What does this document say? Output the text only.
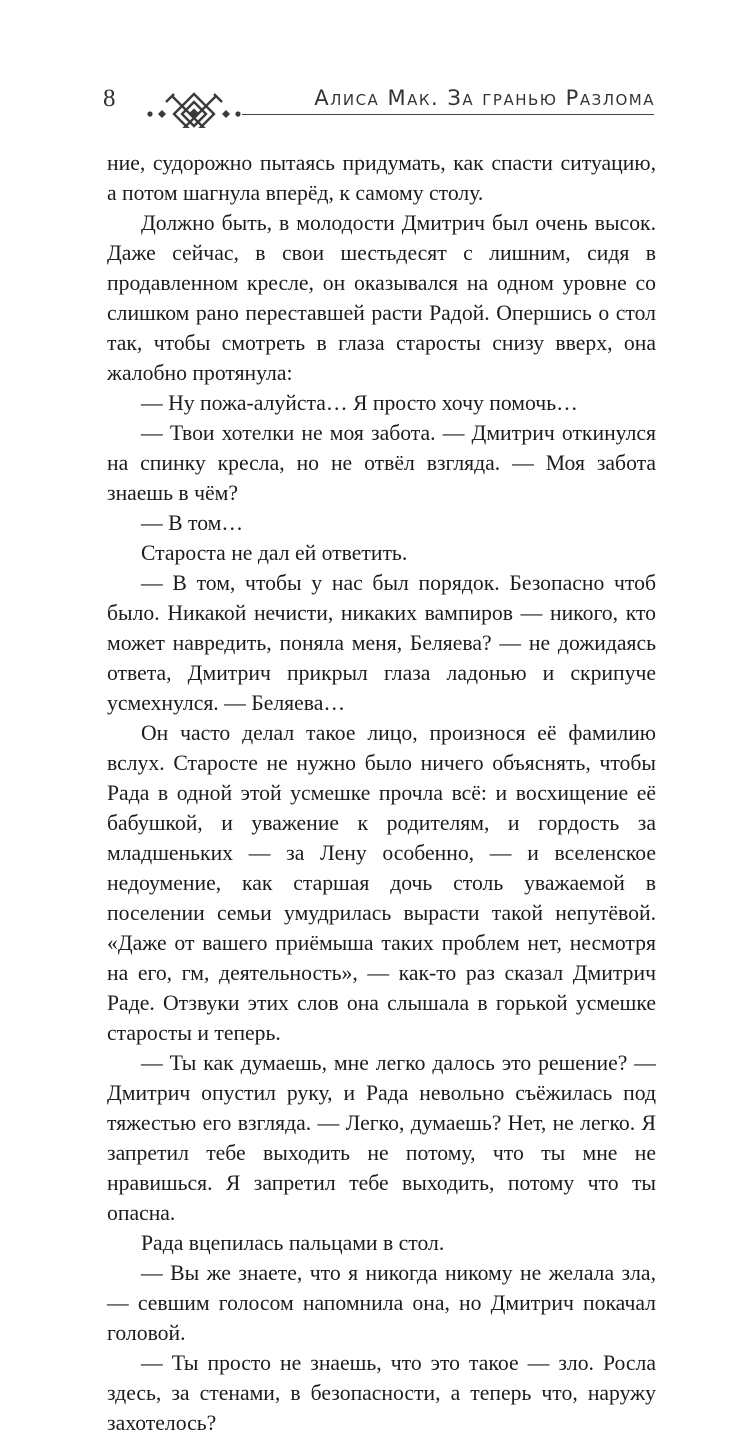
8	Алиса Мак. За гранью Разлома

ние, судорожно пытаясь придумать, как спасти ситуацию, а потом шагнула вперёд, к самому столу.

Должно быть, в молодости Дмитрич был очень высок. Даже сейчас, в свои шестьдесят с лишним, сидя в продавленном кресле, он оказывался на одном уровне со слишком рано переставшей расти Радой. Опершись о стол так, чтобы смотреть в глаза старосты снизу вверх, она жалобно протянула:

— Ну пожа-алуйста… Я просто хочу помочь…

— Твои хотелки не моя забота. — Дмитрич откинулся на спинку кресла, но не отвёл взгляда. — Моя забота знаешь в чём?

— В том…

Староста не дал ей ответить.

— В том, чтобы у нас был порядок. Безопасно чтоб было. Никакой нечисти, никаких вампиров — никого, кто может навредить, поняла меня, Беляева? — не дожидаясь ответа, Дмитрич прикрыл глаза ладонью и скрипуче усмехнулся. — Беляева…

Он часто делал такое лицо, произнося её фамилию вслух. Старосте не нужно было ничего объяснять, чтобы Рада в одной этой усмешке прочла всё: и восхищение её бабушкой, и уважение к родителям, и гордость за младшеньких — за Лену особенно, — и вселенское недоумение, как старшая дочь столь уважаемой в поселении семьи умудрилась вырасти такой непутёвой. «Даже от вашего приёмыша таких проблем нет, несмотря на его, гм, деятельность», — как-то раз сказал Дмитрич Раде. Отзвуки этих слов она слышала в горькой усмешке старосты и теперь.

— Ты как думаешь, мне легко далось это решение? — Дмитрич опустил руку, и Рада невольно съёжилась под тяжестью его взгляда. — Легко, думаешь? Нет, не легко. Я запретил тебе выходить не потому, что ты мне не нравишься. Я запретил тебе выходить, потому что ты опасна.

Рада вцепилась пальцами в стол.

— Вы же знаете, что я никогда никому не желала зла, — севшим голосом напомнила она, но Дмитрич покачал головой.

— Ты просто не знаешь, что это такое — зло. Росла здесь, за стенами, в безопасности, а теперь что, наружу захотелось?
